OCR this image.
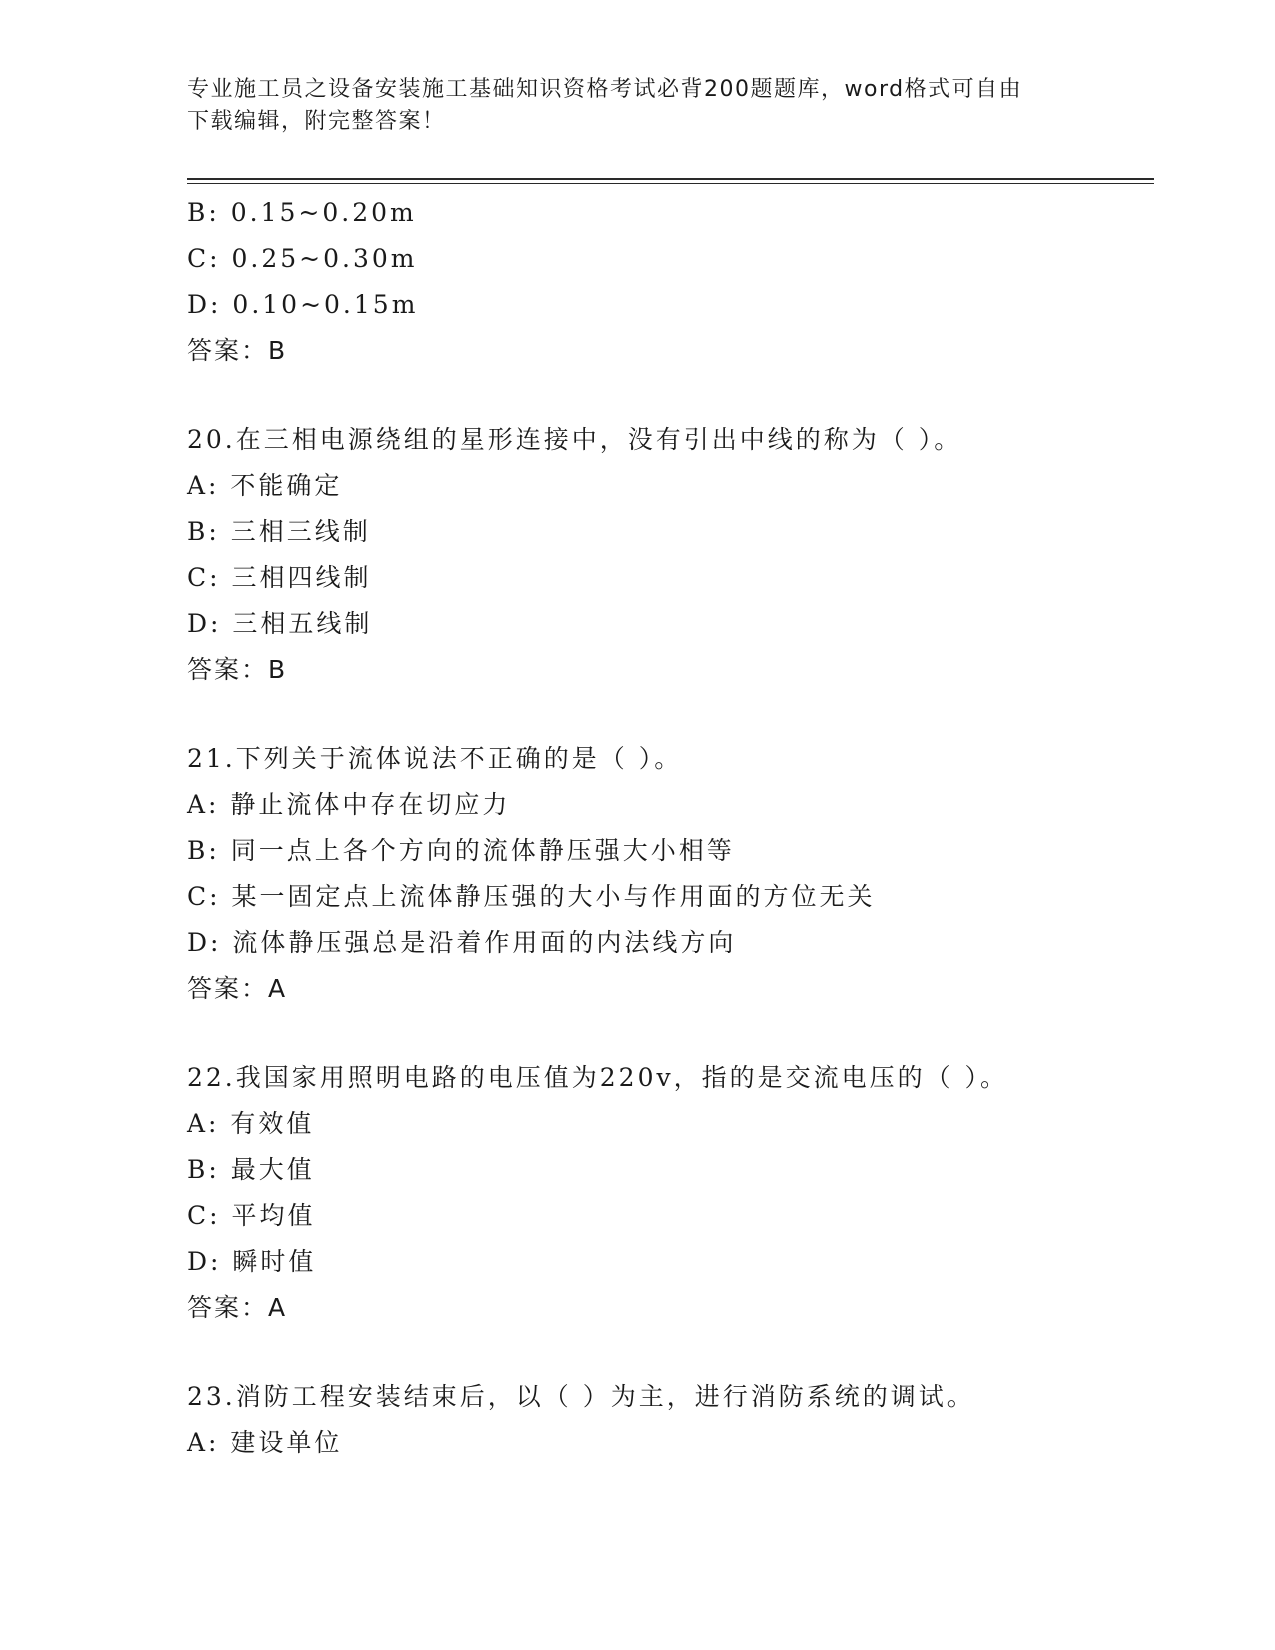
专业施工员之设备安装施工基础知识资格考试必背200题题库，word格式可自由
下载编辑，附完整答案！
B: 0.15~0.20m
C: 0.25~0.30m
D: 0.10~0.15m
答案：B
20.在三相电源绕组的星形连接中，没有引出中线的称为（ ）。
A: 不能确定
B: 三相三线制
C: 三相四线制
D: 三相五线制
答案：B
21.下列关于流体说法不正确的是（ ）。
A: 静止流体中存在切应力
B: 同一点上各个方向的流体静压强大小相等
C: 某一固定点上流体静压强的大小与作用面的方位无关
D: 流体静压强总是沿着作用面的内法线方向
答案：A
22.我国家用照明电路的电压值为220v，指的是交流电压的（ ）。
A: 有效值
B: 最大值
C: 平均值
D: 瞬时值
答案：A
23.消防工程安装结束后，以（ ）为主，进行消防系统的调试。
A: 建设单位
